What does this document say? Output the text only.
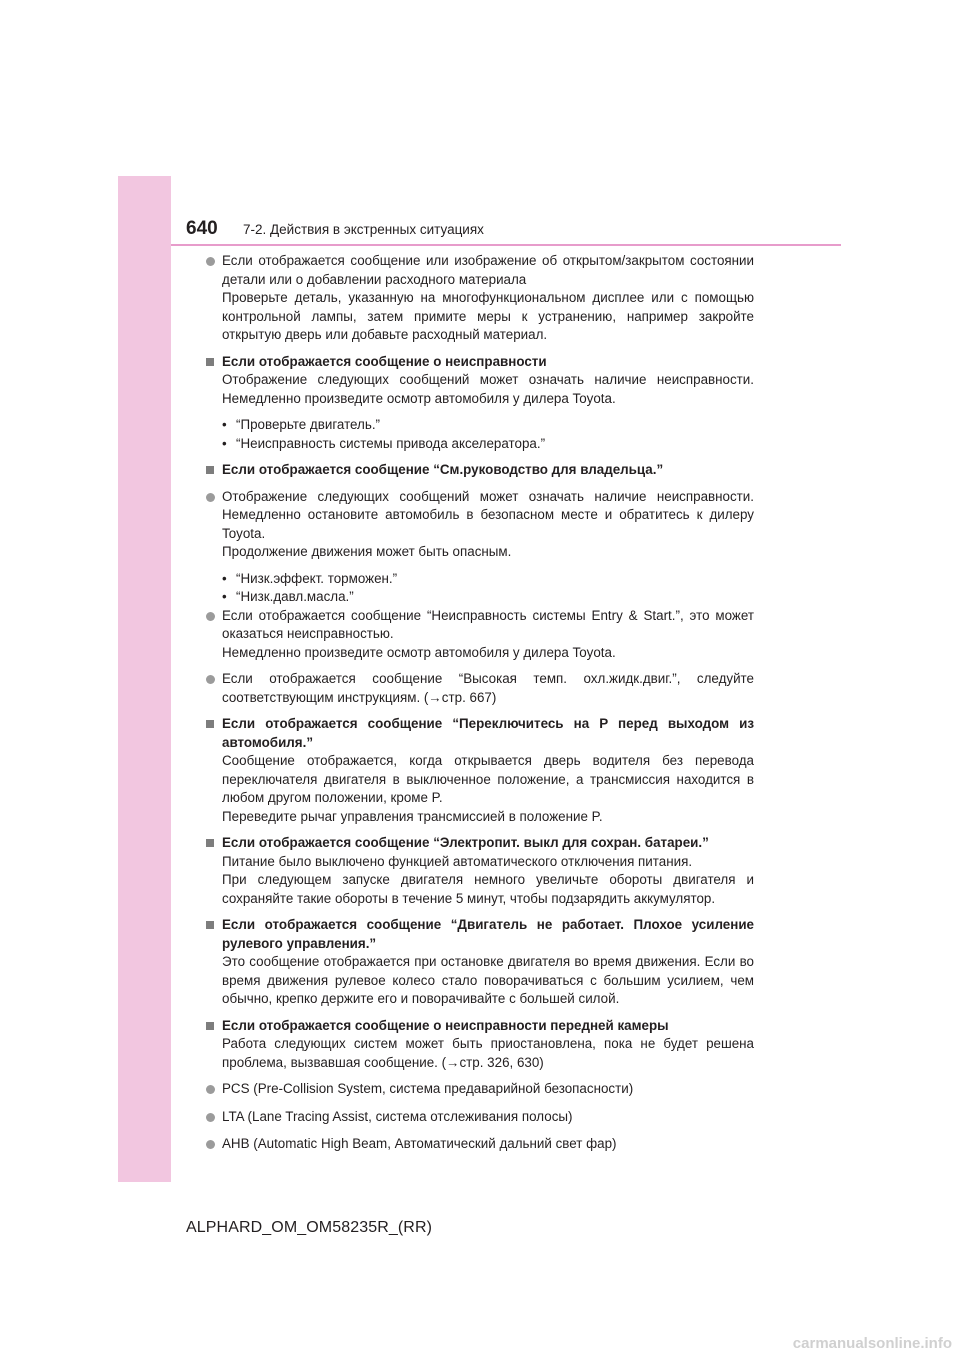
640 7-2. Действия в экстренных ситуациях
Если отображается сообщение или изображение об открытом/закрытом состоянии детали или о добавлении расходного материала
Проверьте деталь, указанную на многофункциональном дисплее или с помощью контрольной лампы, затем примите меры к устранению, например закройте открытую дверь или добавьте расходный материал.
Если отображается сообщение о неисправности
Отображение следующих сообщений может означать наличие неисправности. Немедленно произведите осмотр автомобиля у дилера Toyota.
• “Проверьте двигатель.”
• “Неисправность системы привода акселератора.”
Если отображается сообщение “См.руководство для владельца.”
Отображение следующих сообщений может означать наличие неисправности. Немедленно остановите автомобиль в безопасном месте и обратитесь к дилеру Toyota.
Продолжение движения может быть опасным.
• “Низк.эффект. торможен.”
• “Низк.давл.масла.”
Если отображается сообщение “Неисправность системы Entry & Start.”, это может оказаться неисправностью.
Немедленно произведите осмотр автомобиля у дилера Toyota.
Если отображается сообщение “Высокая темп. охл.жидк.двиг.”, следуйте соответствующим инструкциям. (→стр. 667)
Если отображается сообщение “Переключитесь на P перед выходом из автомобиля.”
Сообщение отображается, когда открывается дверь водителя без перевода переключателя двигателя в выключенное положение, а трансмиссия находится в любом другом положении, кроме P.
Переведите рычаг управления трансмиссией в положение P.
Если отображается сообщение “Электропит. выкл для сохран. батареи.”
Питание было выключено функцией автоматического отключения питания.
При следующем запуске двигателя немного увеличьте обороты двигателя и сохраняйте такие обороты в течение 5 минут, чтобы подзарядить аккумулятор.
Если отображается сообщение “Двигатель не работает. Плохое усиление рулевого управления.”
Это сообщение отображается при остановке двигателя во время движения. Если во время движения рулевое колесо стало поворачиваться с большим усилием, чем обычно, крепко держите его и поворачивайте с большей силой.
Если отображается сообщение о неисправности передней камеры
Работа следующих систем может быть приостановлена, пока не будет решена проблема, вызвавшая сообщение. (→стр. 326, 630)
PCS (Pre-Collision System, система предаварийной безопасности)
LTA (Lane Tracing Assist, система отслеживания полосы)
AHB (Automatic High Beam, Автоматический дальний свет фар)
ALPHARD_OM_OM58235R_(RR)
carmanualsonline.info
